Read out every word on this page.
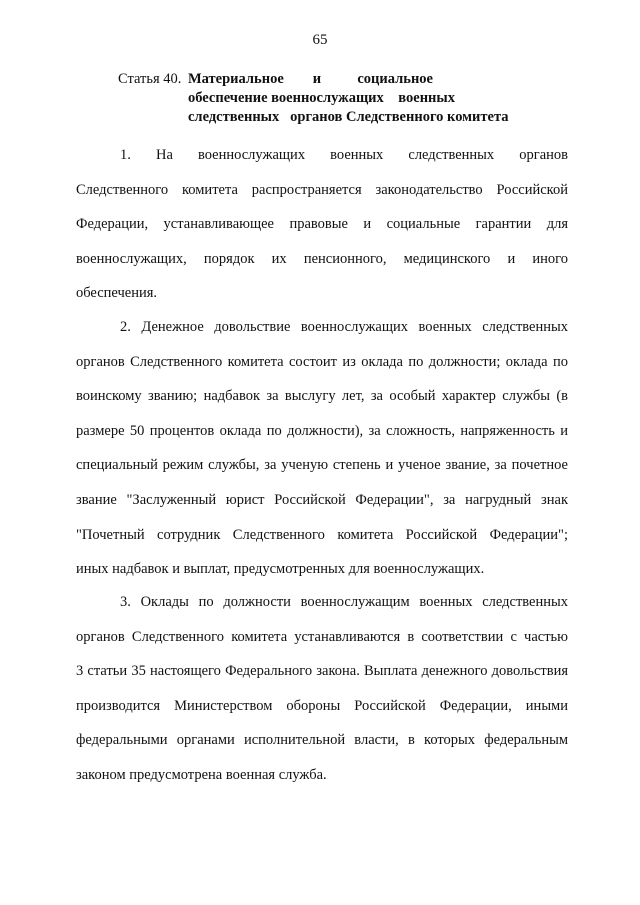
65
Статья 40. Материальное        и          социальное
обеспечение военнослужащих    военных
следственных   органов Следственного комитета
1. На военнослужащих военных следственных органов
Следственного комитета распространяется законодательство Российской
Федерации, устанавливающее правовые и социальные гарантии для
военнослужащих, порядок их пенсионного, медицинского и иного
обеспечения.
2. Денежное довольствие военнослужащих военных следственных
органов Следственного комитета состоит из оклада по должности; оклада по
воинскому званию; надбавок за выслугу лет, за особый характер службы (в
размере 50 процентов оклада по должности), за сложность, напряженность и
специальный режим службы, за ученую степень и ученое звание, за почетное
звание "Заслуженный юрист Российской Федерации", за нагрудный знак
"Почетный сотрудник Следственного комитета Российской Федерации";
иных надбавок и выплат, предусмотренных для военнослужащих.
3. Оклады по должности военнослужащим военных следственных
органов Следственного комитета устанавливаются в соответствии с частью
3 статьи 35 настоящего Федерального закона. Выплата денежного довольствия
производится Министерством обороны Российской Федерации, иными
федеральными органами исполнительной власти, в которых федеральным
законом предусмотрена военная служба.
